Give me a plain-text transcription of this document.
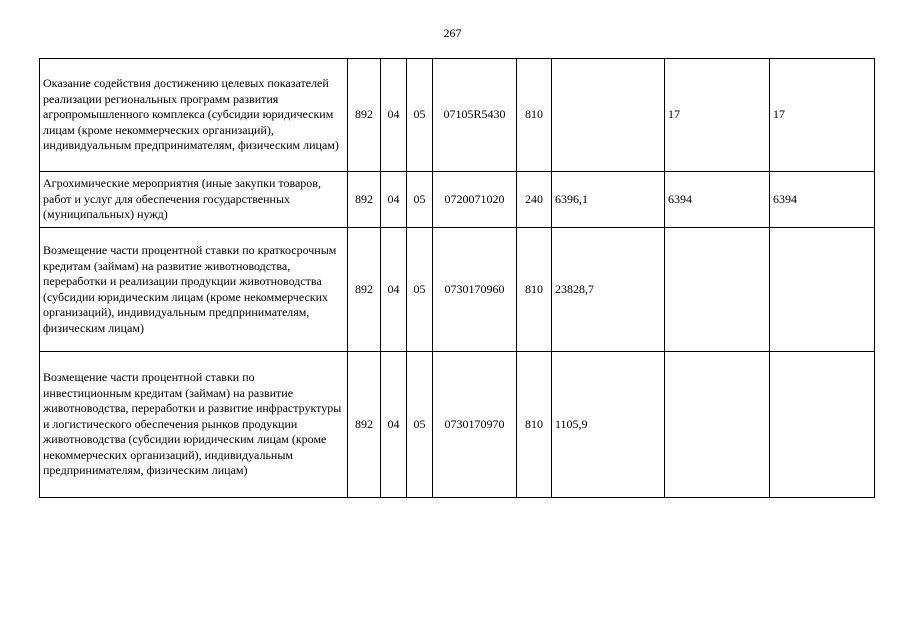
267
Оказание содействия достижению целевых показателей реализации региональных программ развития агропромышленного комплекса (субсидии юридическим лицам (кроме некоммерческих организаций), индивидуальным предпринимателям, физическим лицам)	892	04	05	07105R5430	810		17	17
Агрохимические мероприятия (иные закупки товаров, работ и услуг для обеспечения государственных (муниципальных) нужд)	892	04	05	0720071020	240	6396,1	6394	6394
Возмещение части процентной ставки по краткосрочным кредитам (займам) на развитие животноводства, переработки и реализации продукции животноводства (субсидии юридическим лицам (кроме некоммерческих организаций), индивидуальным предпринимателям, физическим лицам)	892	04	05	0730170960	810	23828,7		
Возмещение части процентной ставки по инвестиционным кредитам (займам) на развитие животноводства, переработки и развитие инфраструктуры и логистического обеспечения рынков продукции животноводства (субсидии юридическим лицам (кроме некоммерческих организаций), индивидуальным предпринимателям, физическим лицам)	892	04	05	0730170970	810	1105,9		
